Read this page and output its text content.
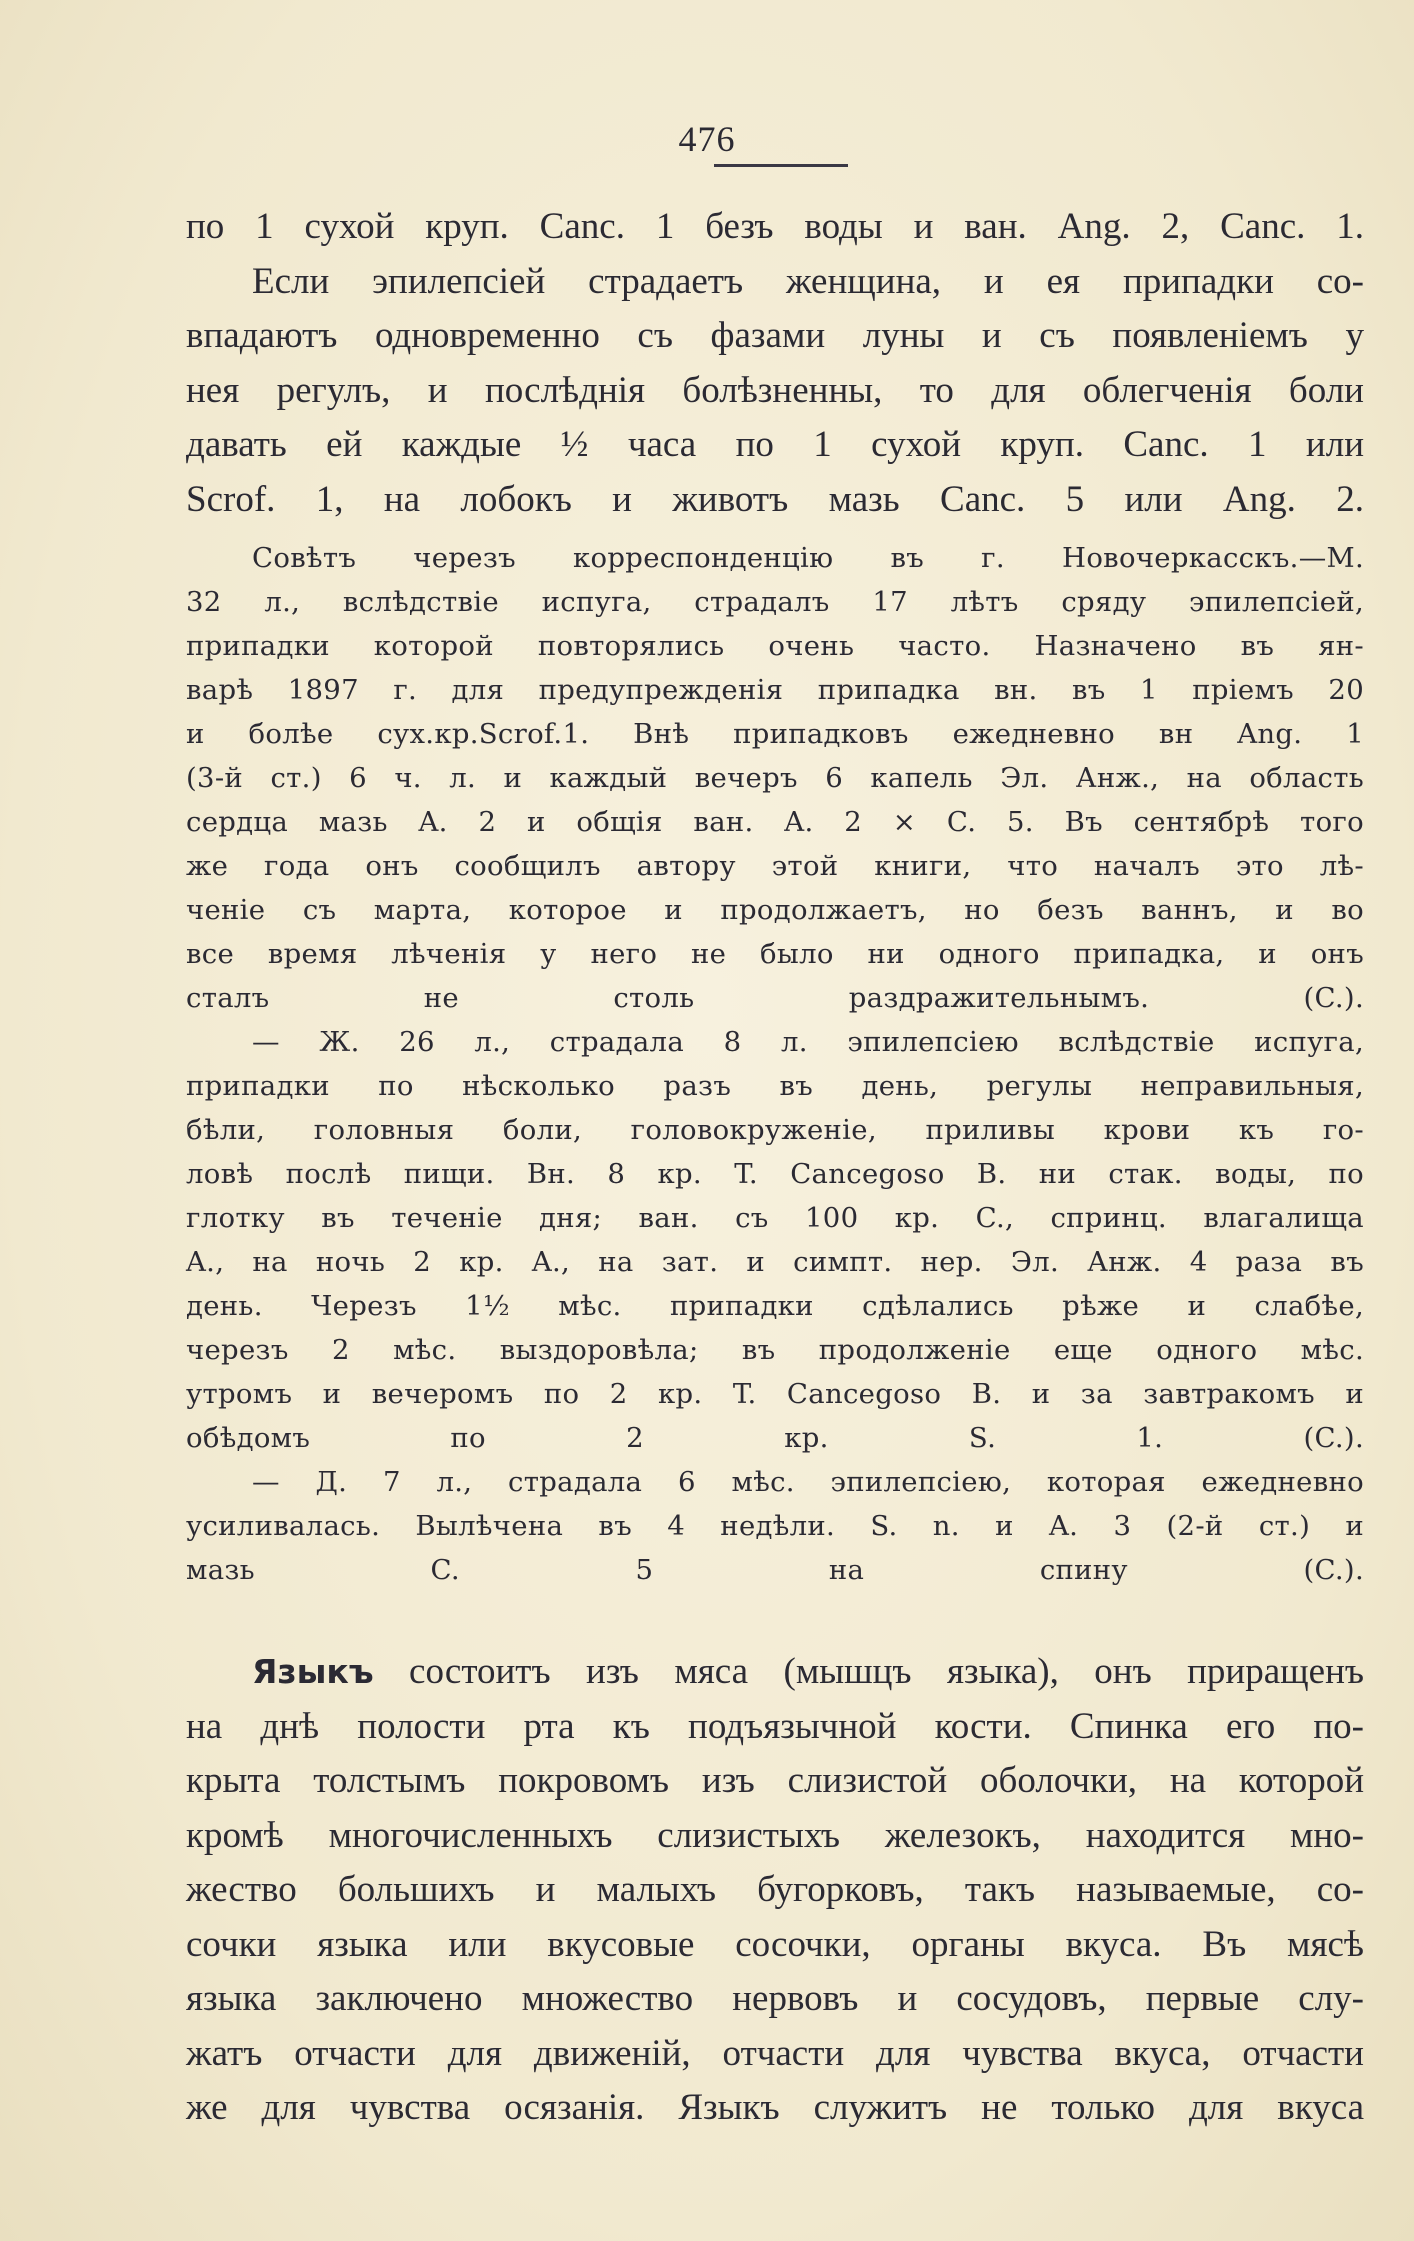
476
по 1 сухой круп. Canc. 1 безъ воды и ван. Ang. 2, Canc. 1.
Если эпилепсіей страдаетъ женщина, и ея припадки со-
впадаютъ одновременно съ фазами луны и съ появленіемъ у
нея регулъ, и послѣднія болѣзненны, то для облегченія боли
давать ей каждые ½ часа по 1 сухой круп. Canc. 1 или
Scrof. 1, на лобокъ и животъ мазь Canc. 5 или Ang. 2.
Совѣтъ черезъ корреспонденцію въ г. Новочеркасскъ.—М.
32 л., вслѣдствіе испуга, страдалъ 17 лѣтъ сряду эпилепсіей,
припадки которой повторялись очень часто. Назначено въ ян-
варѣ 1897 г. для предупрежденія припадка вн. въ 1 пріемъ 20
и болѣе сух.кр.Scrof.1. Внѣ припадковъ ежедневно вн Ang. 1
(3-й ст.) 6 ч. л. и каждый вечеръ 6 капель Эл. Анж., на область
сердца мазь A. 2 и общія ван. A. 2 × C. 5. Въ сентябрѣ того
же года онъ сообщилъ автору этой книги, что началъ это лѣ-
ченіе съ марта, которое и продолжаетъ, но безъ ваннъ, и во
все время лѣченія у него не было ни одного припадка, и онъ
сталъ не столь раздражительнымъ. (C.).
— Ж. 26 л., страдала 8 л. эпилепсіею вслѣдствіе испуга,
припадки по нѣсколько разъ въ день, регулы неправильныя,
бѣли, головныя боли, головокруженіе, приливы крови къ го-
ловѣ послѣ пищи. Вн. 8 кр. T. Cancegoso B. ни стак. воды, по
глотку въ теченіе дня; ван. съ 100 кр. C., спринц. влагалища
A., на ночь 2 кр. A., на зат. и симпт. нер. Эл. Анж. 4 раза въ
день. Черезъ 1½ мѣс. припадки сдѣлались рѣже и слабѣе,
черезъ 2 мѣс. выздоровѣла; въ продолженіе еще одного мѣс.
утромъ и вечеромъ по 2 кр. T. Cancegoso B. и за завтракомъ и
обѣдомъ по 2 кр. S. 1. (C.).
— Д. 7 л., страдала 6 мѣс. эпилепсіею, которая ежедневно
усиливалась. Вылѣчена въ 4 недѣли. S. n. и A. 3 (2-й ст.) и
мазь C. 5 на спину (C.).
Языкъ состоитъ изъ мяса (мышцъ языка), онъ приращенъ
на днѣ полости рта къ подъязычной кости. Спинка его по-
крыта толстымъ покровомъ изъ слизистой оболочки, на которой
кромѣ многочисленныхъ слизистыхъ железокъ, находится мно-
жество большихъ и малыхъ бугорковъ, такъ называемые, со-
сочки языка или вкусовые сосочки, органы вкуса. Въ мясѣ
языка заключено множество нервовъ и сосудовъ, первые слу-
жатъ отчасти для движеній, отчасти для чувства вкуса, отчасти
же для чувства осязанія. Языкъ служитъ не только для вкуса
